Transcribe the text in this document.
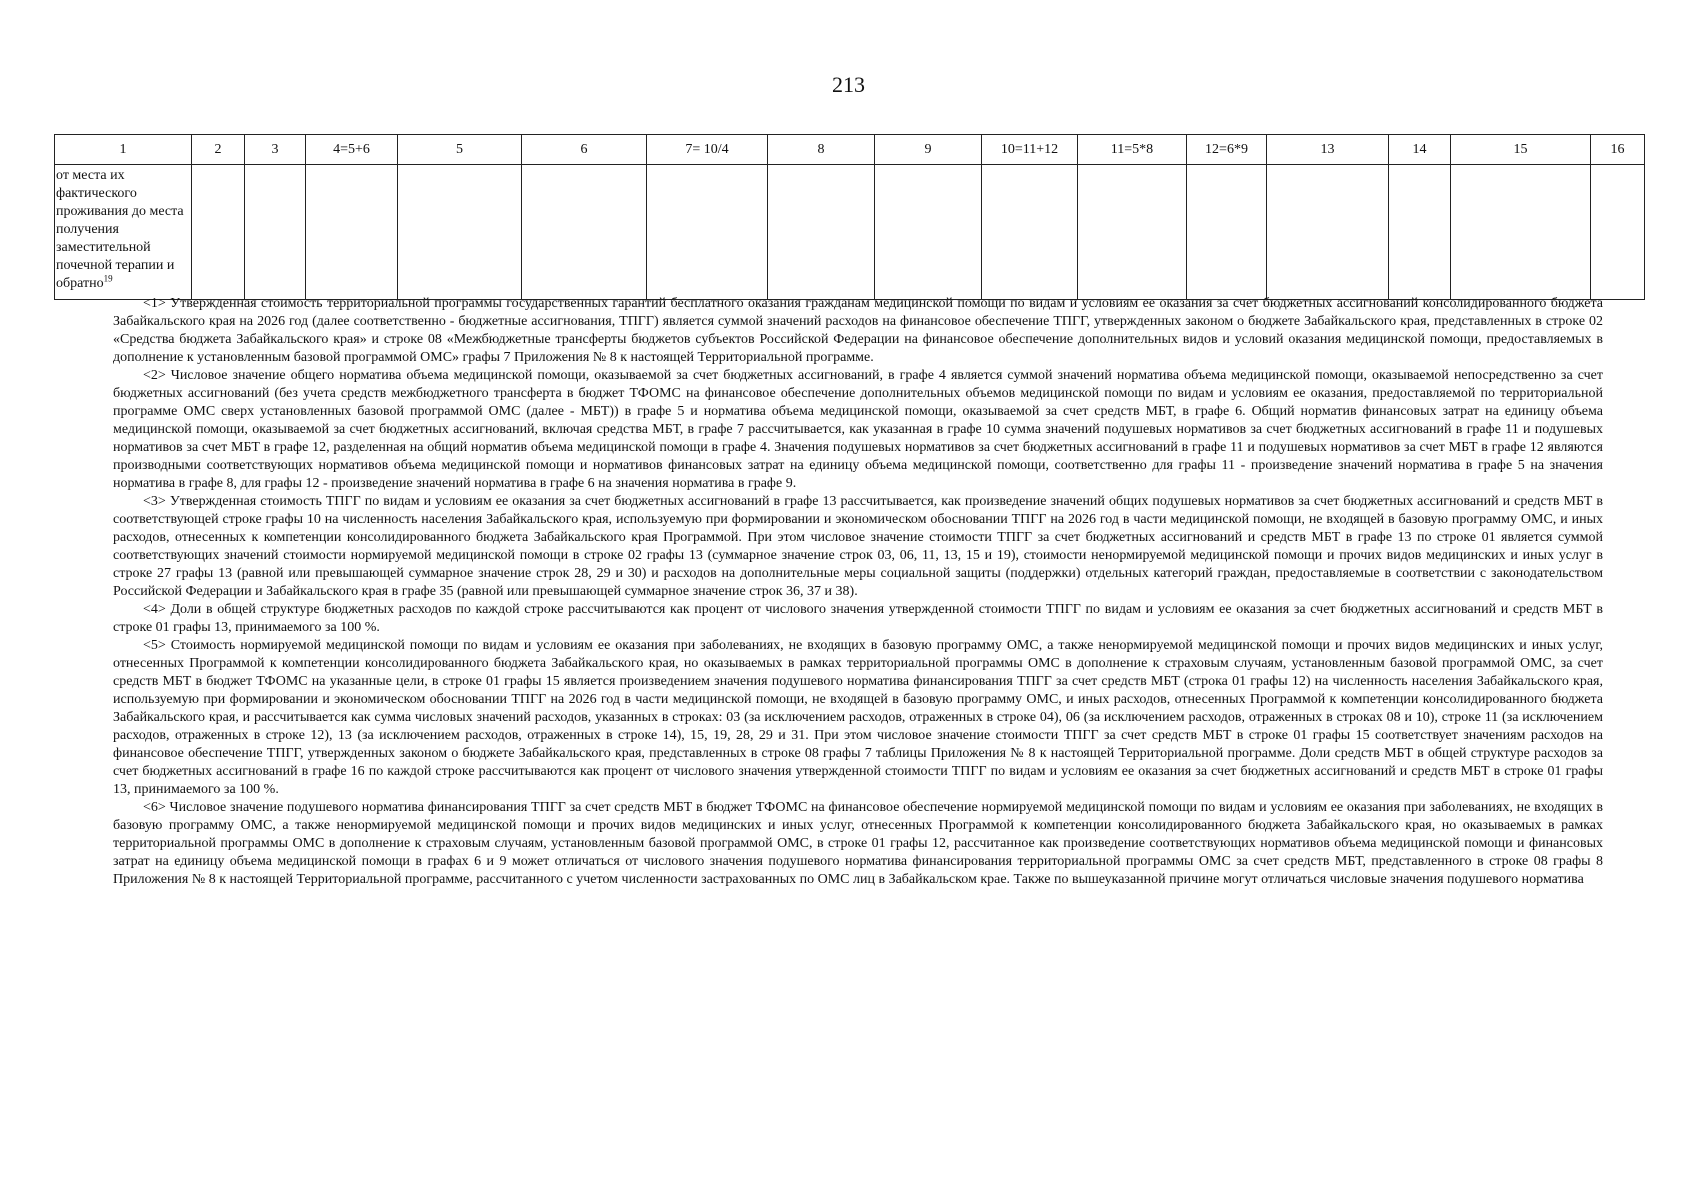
213
1	2	3	4=5+6	5	6	7= 10/4	8	9	10=11+12	11=5*8	12=6*9	13	14	15	16
от места их фактического проживания до места получения заместительной почечной терапии и обратно$^{19}$															

<1> Утвержденная стоимость территориальной программы государственных гарантий бесплатного оказания гражданам медицинской помощи по видам и условиям ее оказания за счет бюджетных ассигнований консолидированного бюджета Забайкальского края на 2026 год (далее соответственно - бюджетные ассигнования, ТПГГ) является суммой значений расходов на финансовое обеспечение ТПГГ, утвержденных законом о бюджете Забайкальского края, представленных в строке 02 «Средства бюджета Забайкальского края» и строке 08 «Межбюджетные трансферты бюджетов субъектов Российской Федерации на финансовое обеспечение дополнительных видов и условий оказания медицинской помощи, предоставляемых в дополнение к установленным базовой программой ОМС» графы 7 Приложения № 8 к настоящей Территориальной программе.

<2> Числовое значение общего норматива объема медицинской помощи, оказываемой за счет бюджетных ассигнований, в графе 4 является суммой значений норматива объема медицинской помощи, оказываемой непосредственно за счет бюджетных ассигнований (без учета средств межбюджетного трансферта в бюджет ТФОМС на финансовое обеспечение дополнительных объемов медицинской помощи по видам и условиям ее оказания, предоставляемой по территориальной программе ОМС сверх установленных базовой программой ОМС (далее - МБТ)) в графе 5 и норматива объема медицинской помощи, оказываемой за счет средств МБТ, в графе 6. Общий норматив финансовых затрат на единицу объема медицинской помощи, оказываемой за счет бюджетных ассигнований, включая средства МБТ, в графе 7 рассчитывается, как указанная в графе 10 сумма значений подушевых нормативов за счет бюджетных ассигнований в графе 11 и подушевых нормативов за счет МБТ в графе 12, разделенная на общий норматив объема медицинской помощи в графе 4. Значения подушевых нормативов за счет бюджетных ассигнований в графе 11 и подушевых нормативов за счет МБТ в графе 12 являются производными соответствующих нормативов объема медицинской помощи и нормативов финансовых затрат на единицу объема медицинской помощи, соответственно для графы 11 - произведение значений норматива в графе 5 на значения норматива в графе 8, для графы 12 - произведение значений норматива в графе 6 на значения норматива в графе 9.

<3> Утвержденная стоимость ТПГГ по видам и условиям ее оказания за счет бюджетных ассигнований в графе 13 рассчитывается, как произведение значений общих подушевых нормативов за счет бюджетных ассигнований и средств МБТ в соответствующей строке графы 10 на численность населения Забайкальского края, используемую при формировании и экономическом обосновании ТПГГ на 2026 год в части медицинской помощи, не входящей в базовую программу ОМС, и иных расходов, отнесенных к компетенции консолидированного бюджета Забайкальского края Программой. При этом числовое значение стоимости ТПГГ за счет бюджетных ассигнований и средств МБТ в графе 13 по строке 01 является суммой соответствующих значений стоимости нормируемой медицинской помощи в строке 02 графы 13 (суммарное значение строк 03, 06, 11, 13, 15 и 19), стоимости ненормируемой медицинской помощи и прочих видов медицинских и иных услуг в строке 27 графы 13 (равной или превышающей суммарное значение строк 28, 29 и 30) и расходов на дополнительные меры социальной защиты (поддержки) отдельных категорий граждан, предоставляемые в соответствии с законодательством Российской Федерации и Забайкальского края в графе 35 (равной или превышающей суммарное значение строк 36, 37 и 38).

<4> Доли в общей структуре бюджетных расходов по каждой строке рассчитываются как процент от числового значения утвержденной стоимости ТПГГ по видам и условиям ее оказания за счет бюджетных ассигнований и средств МБТ в строке 01 графы 13, принимаемого за 100 %.

<5> Стоимость нормируемой медицинской помощи по видам и условиям ее оказания при заболеваниях, не входящих в базовую программу ОМС, а также ненормируемой медицинской помощи и прочих видов медицинских и иных услуг, отнесенных Программой к компетенции консолидированного бюджета Забайкальского края, но оказываемых в рамках территориальной программы ОМС в дополнение к страховым случаям, установленным базовой программой ОМС, за счет средств МБТ в бюджет ТФОМС на указанные цели, в строке 01 графы 15 является произведением значения подушевого норматива финансирования ТПГГ за счет средств МБТ (строка 01 графы 12) на численность населения Забайкальского края, используемую при формировании и экономическом обосновании ТПГГ на 2026 год в части медицинской помощи, не входящей в базовую программу ОМС, и иных расходов, отнесенных Программой к компетенции консолидированного бюджета Забайкальского края, и рассчитывается как сумма числовых значений расходов, указанных в строках: 03 (за исключением расходов, отраженных в строке 04), 06 (за исключением расходов, отраженных в строках 08 и 10), строке 11 (за исключением расходов, отраженных в строке 12), 13 (за исключением расходов, отраженных в строке 14), 15, 19, 28, 29 и 31. При этом числовое значение стоимости ТПГГ за счет средств МБТ в строке 01 графы 15 соответствует значениям расходов на финансовое обеспечение ТПГГ, утвержденных законом о бюджете Забайкальского края, представленных в строке 08 графы 7 таблицы Приложения № 8 к настоящей Территориальной программе. Доли средств МБТ в общей структуре расходов за счет бюджетных ассигнований в графе 16 по каждой строке рассчитываются как процент от числового значения утвержденной стоимости ТПГГ по видам и условиям ее оказания за счет бюджетных ассигнований и средств МБТ в строке 01 графы 13, принимаемого за 100 %.

<6> Числовое значение подушевого норматива финансирования ТПГГ за счет средств МБТ в бюджет ТФОМС на финансовое обеспечение нормируемой медицинской помощи по видам и условиям ее оказания при заболеваниях, не входящих в базовую программу ОМС, а также ненормируемой медицинской помощи и прочих видов медицинских и иных услуг, отнесенных Программой к компетенции консолидированного бюджета Забайкальского края, но оказываемых в рамках территориальной программы ОМС в дополнение к страховым случаям, установленным базовой программой ОМС, в строке 01 графы 12, рассчитанное как произведение соответствующих нормативов объема медицинской помощи и финансовых затрат на единицу объема медицинской помощи в графах 6 и 9 может отличаться от числового значения подушевого норматива финансирования территориальной программы ОМС за счет средств МБТ, представленного в строке 08 графы 8 Приложения № 8 к настоящей Территориальной программе, рассчитанного с учетом численности застрахованных по ОМС лиц в Забайкальском крае. Также по вышеуказанной причине могут отличаться числовые значения подушевого норматива
